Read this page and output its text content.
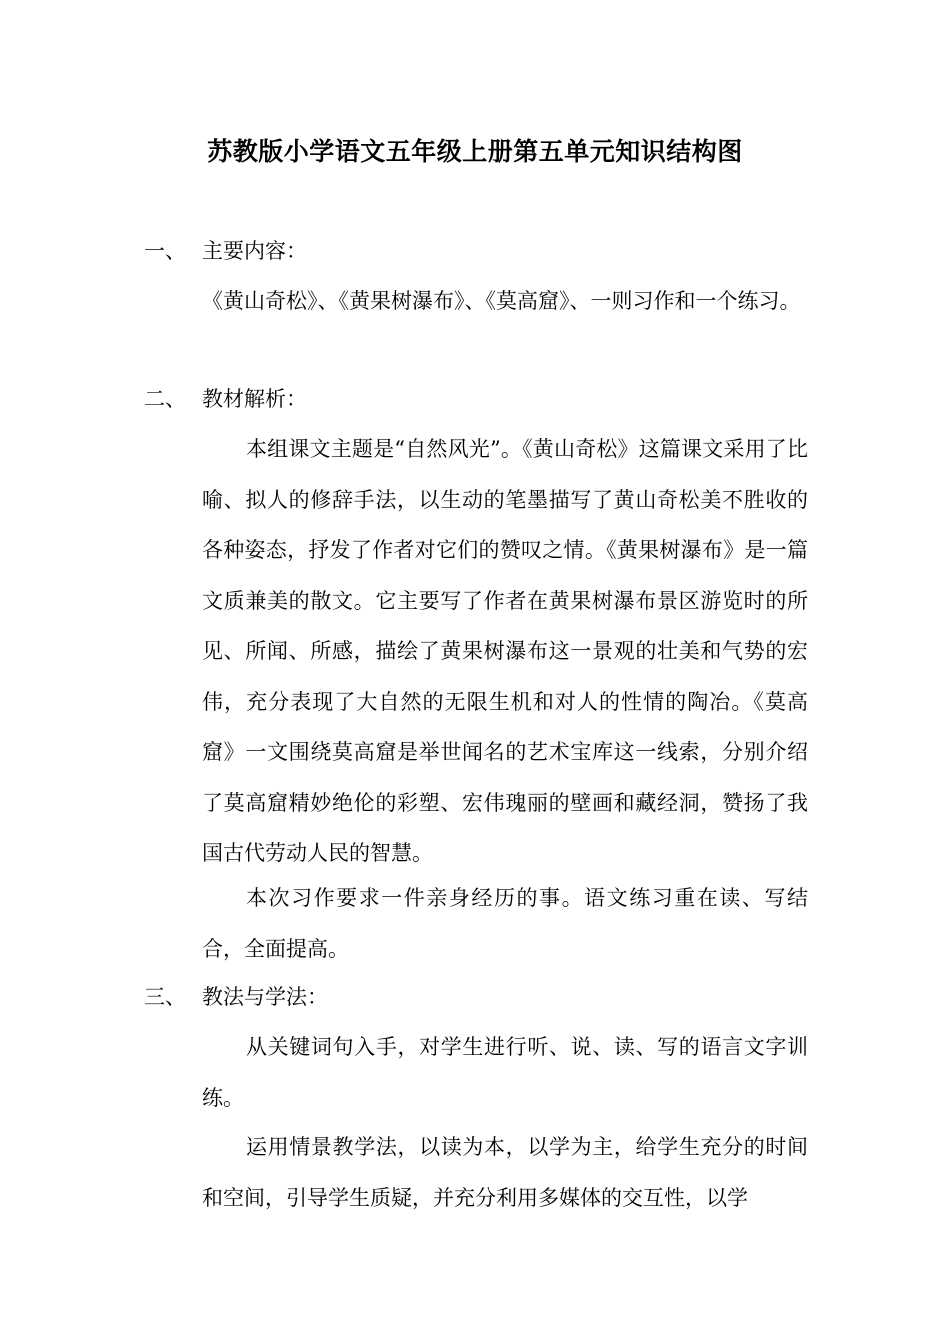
苏教版小学语文五年级上册第五单元知识结构图
一、 主要内容：
《黄山奇松》、《黄果树瀑布》、《莫高窟》、一则习作和一个练习。
二、 教材解析：
本组课文主题是“自然风光”。《黄山奇松》这篇课文采用了比喻、拟人的修辞手法，以生动的笔墨描写了黄山奇松美不胜收的各种姿态，抒发了作者对它们的赞叹之情。《黄果树瀑布》是一篇文质兼美的散文。它主要写了作者在黄果树瀑布景区游览时的所见、所闻、所感，描绘了黄果树瀑布这一景观的壮美和气势的宏伟，充分表现了大自然的无限生机和对人的性情的陶冶。《莫高窟》一文围绕莫高窟是举世闻名的艺术宝库这一线索，分别介绍了莫高窟精妙绝伦的彩塑、宏伟瑰丽的壁画和藏经洞，赞扬了我国古代劳动人民的智慧。
本次习作要求一件亲身经历的事。语文练习重在读、写结合，全面提高。
三、 教法与学法：
从关键词句入手，对学生进行听、说、读、写的语言文字训练。
运用情景教学法，以读为本，以学为主，给学生充分的时间和空间，引导学生质疑，并充分利用多媒体的交互性，以学
